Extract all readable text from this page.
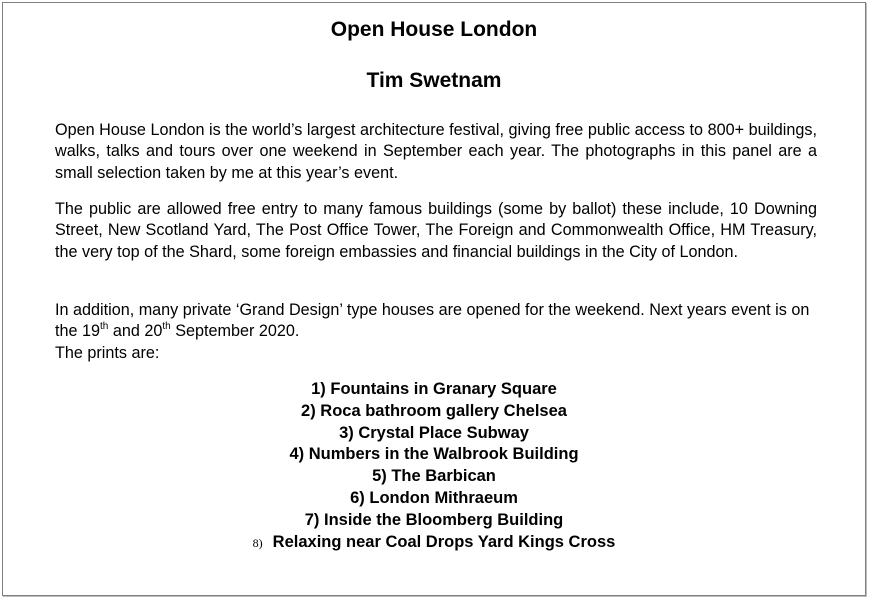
Open House London
Tim Swetnam
Open House London is the world’s largest architecture festival, giving free public access to 800+ buildings, walks, talks and tours over one weekend in September each year. The photographs in this panel are a small selection taken by me at this year’s event.
The public are allowed free entry to many famous buildings (some by ballot) these include, 10 Downing Street, New Scotland Yard, The Post Office Tower, The Foreign and Commonwealth Office, HM Treasury, the very top of the Shard, some foreign embassies and financial buildings in the City of London.
In addition, many private ‘Grand Design’ type houses are opened for the weekend. Next years event is on the 19th and 20th September 2020.
The prints are:
1) Fountains in Granary Square
2) Roca bathroom gallery Chelsea
3) Crystal Place Subway
4) Numbers in the Walbrook Building
5) The Barbican
6) London Mithraeum
7) Inside the Bloomberg Building
8) Relaxing near Coal Drops Yard Kings Cross
